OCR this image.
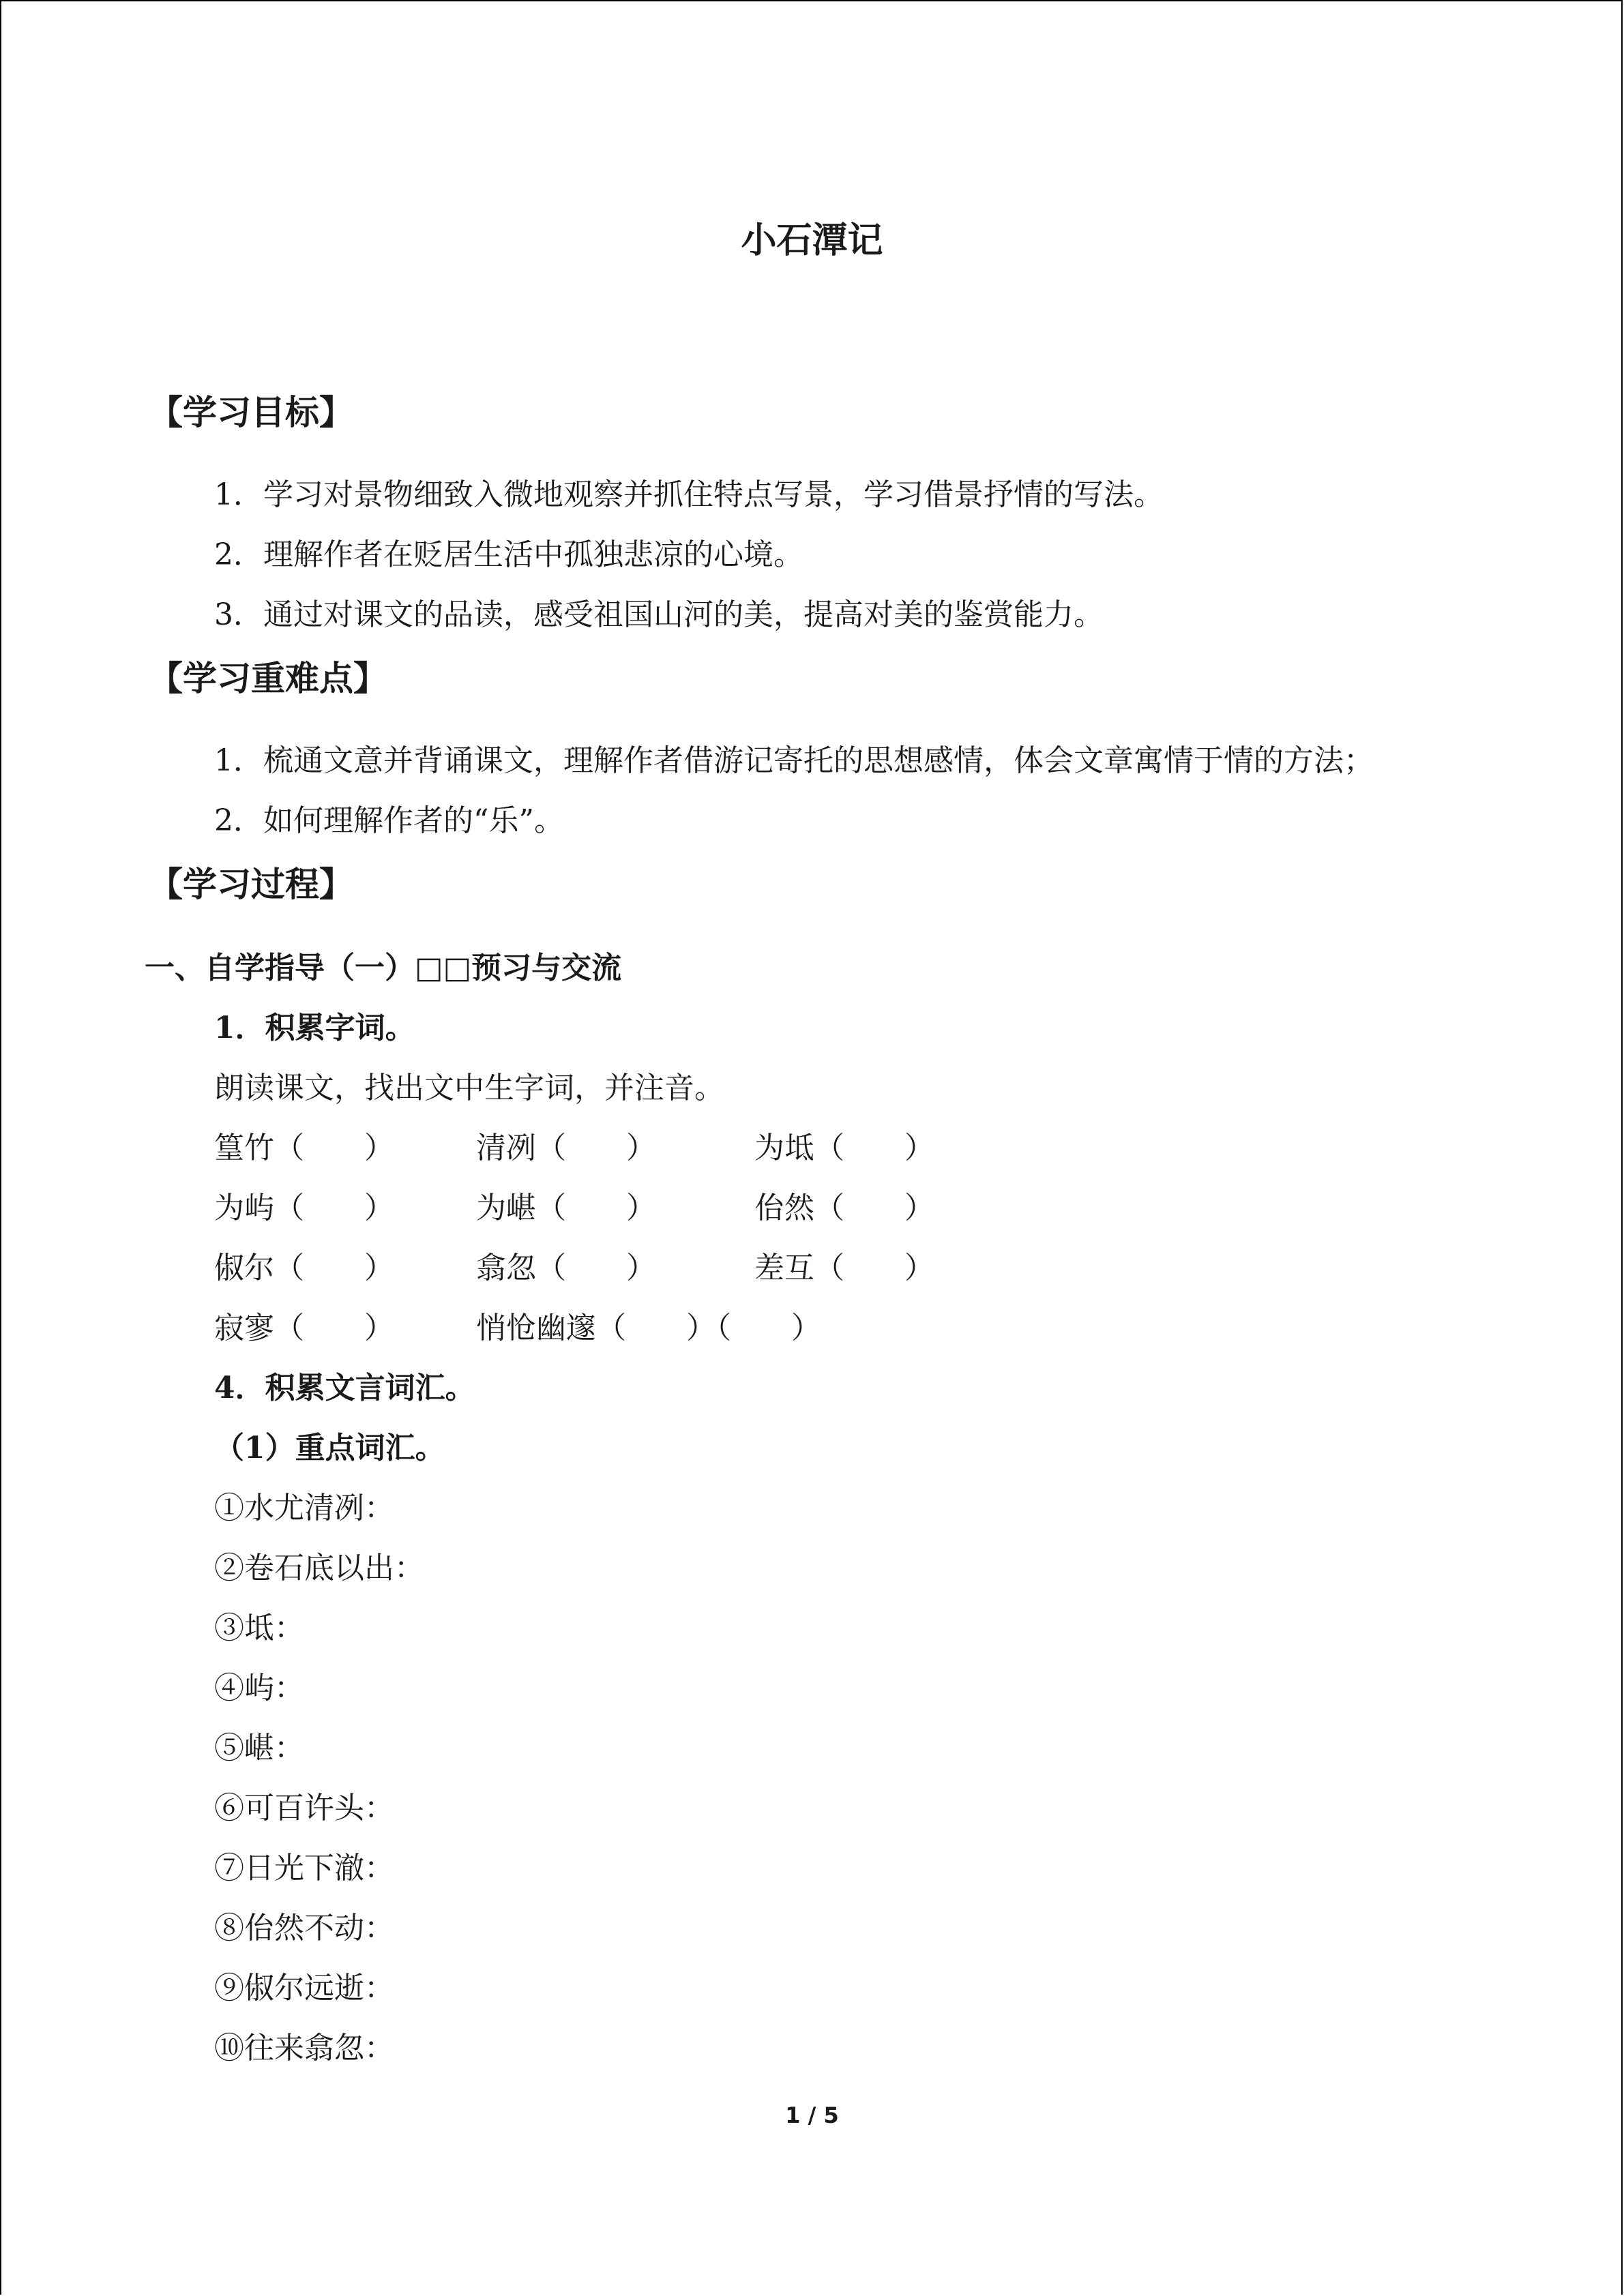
小石潭记
【学习目标】
1．学习对景物细致入微地观察并抓住特点写景，学习借景抒情的写法。
2．理解作者在贬居生活中孤独悲凉的心境。
3．通过对课文的品读，感受祖国山河的美，提高对美的鉴赏能力。
【学习重难点】
1．梳通文意并背诵课文，理解作者借游记寄托的思想感情，体会文章寓情于情的方法；
2．如何理解作者的“乐”。
【学习过程】
一、自学指导（一）□□预习与交流
1．积累字词。
朗读课文，找出文中生字词，并注音。
篁竹（　　）	清冽（　　）	为坻（　　）
为屿（　　）	为嵁（　　）	佁然（　　）
俶尔（　　）	翕忽（　　）	差互（　　）
寂寥（　　）	悄怆幽邃（　　）（　　）
4．积累文言词汇。
（1）重点词汇。
①水尤清冽：
②卷石底以出：
③坻：
④屿：
⑤嵁：
⑥可百许头：
⑦日光下澈：
⑧佁然不动：
⑨俶尔远逝：
⑩往来翕忽：
1 / 5
